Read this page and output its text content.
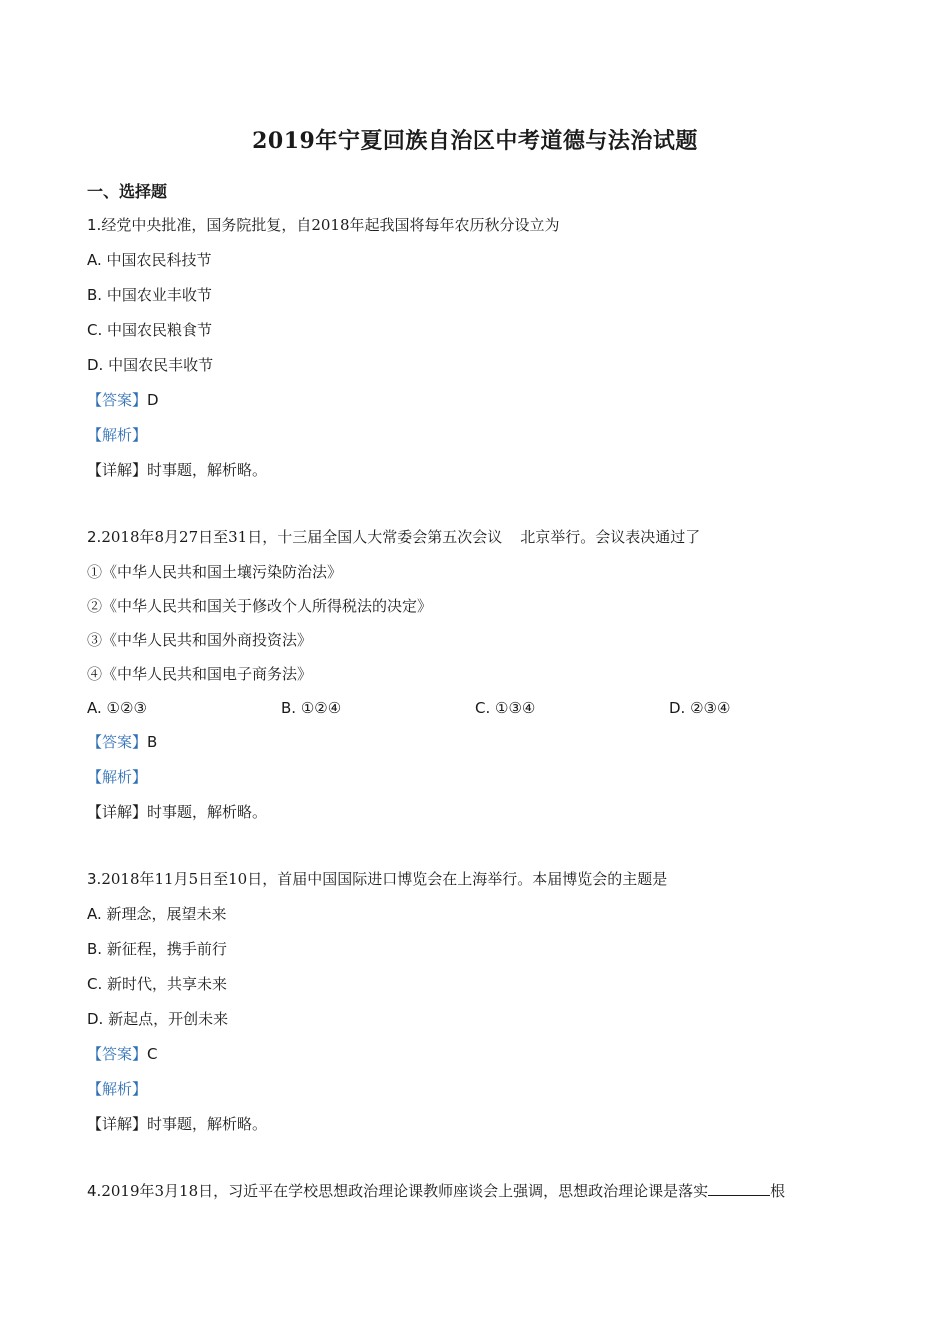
2019年宁夏回族自治区中考道德与法治试题
一、选择题
1.经党中央批准，国务院批复，自2018年起我国将每年农历秋分设立为
A. 中国农民科技节
B. 中国农业丰收节
C. 中国农民粮食节
D. 中国农民丰收节
【答案】D
【解析】
【详解】时事题，解析略。
2.2018年8月27日至31日，十三届全国人大常委会第五次会议 北京举行。会议表决通过了
①《中华人民共和国土壤污染防治法》
②《中华人民共和国关于修改个人所得税法的决定》
③《中华人民共和国外商投资法》
④《中华人民共和国电子商务法》
A. ①②③	B. ①②④	C. ①③④	D. ②③④
【答案】B
【解析】
【详解】时事题，解析略。
3.2018年11月5日至10日，首届中国国际进口博览会在上海举行。本届博览会的主题是
A. 新理念，展望未来
B. 新征程，携手前行
C. 新时代，共享未来
D. 新起点，开创未来
【答案】C
【解析】
【详解】时事题，解析略。
4.2019年3月18日，习近平在学校思想政治理论课教师座谈会上强调，思想政治理论课是落实	根
